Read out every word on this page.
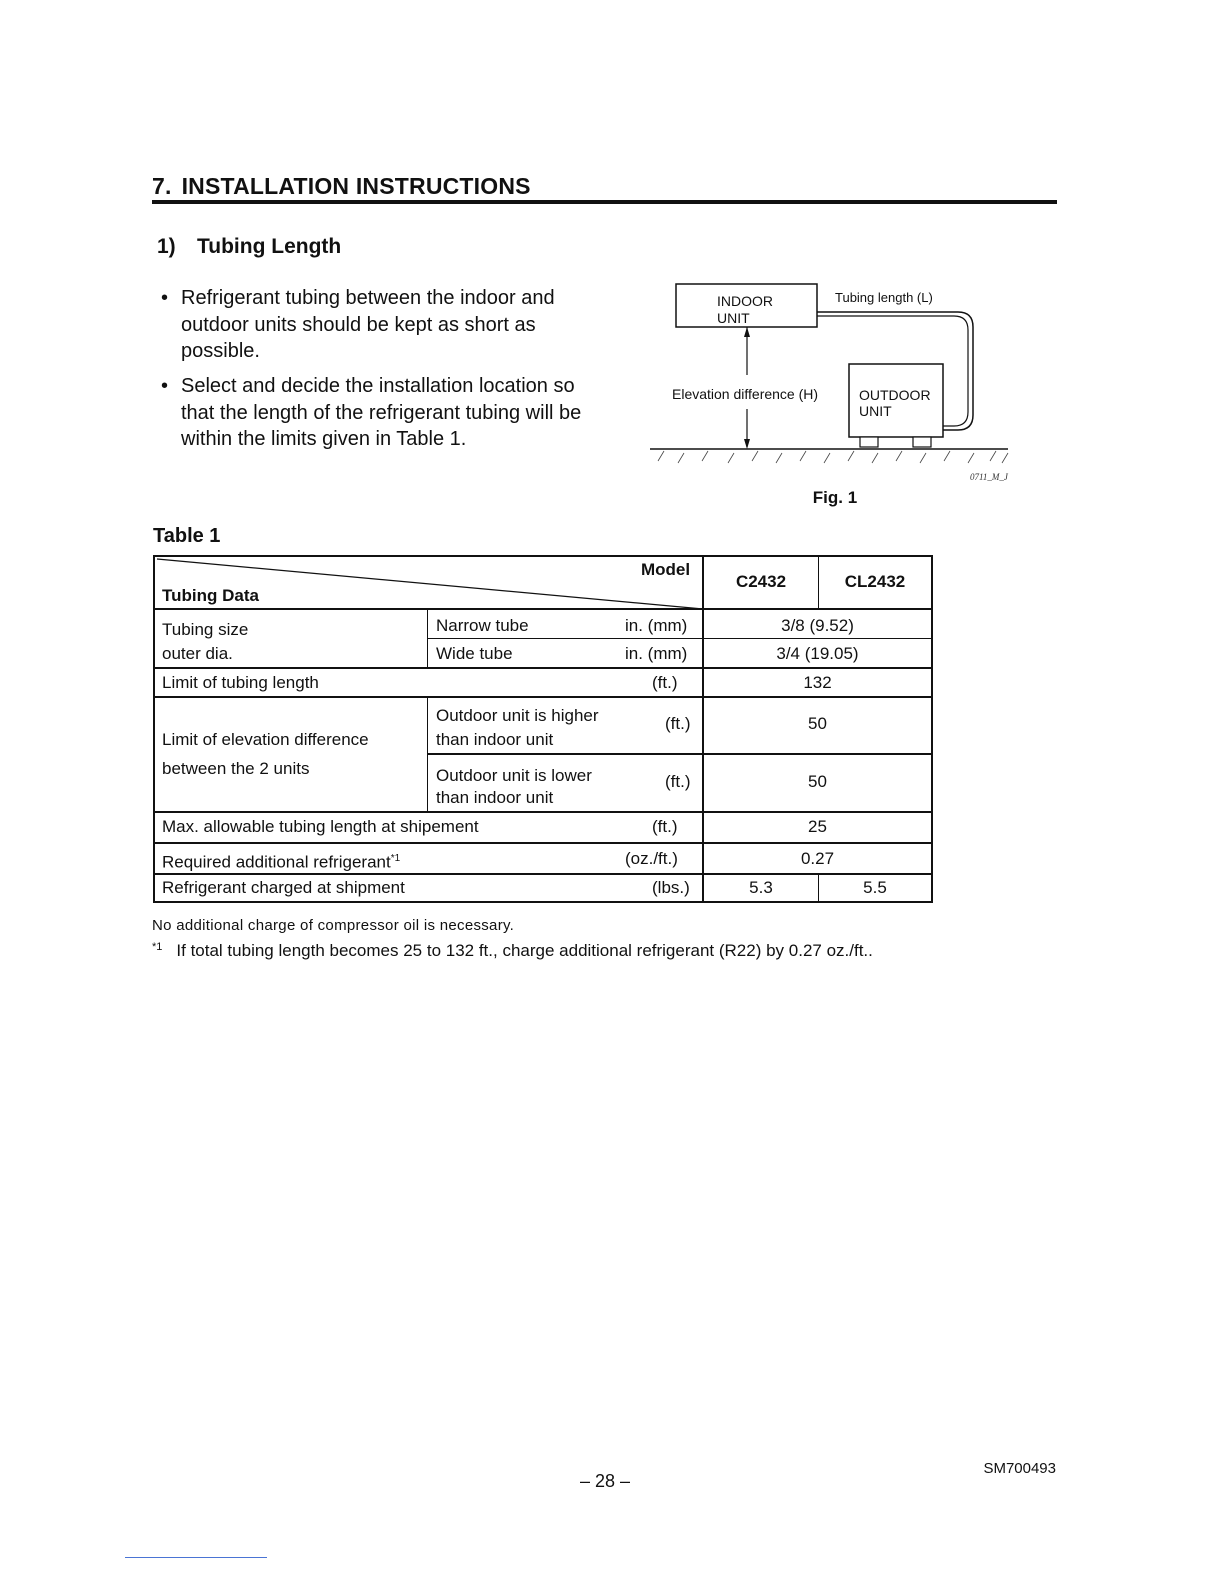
7. INSTALLATION INSTRUCTIONS
1) Tubing Length
• Refrigerant tubing between the indoor and outdoor units should be kept as short as possible.
• Select and decide the installation location so that the length of the refrigerant tubing will be within the limits given in Table 1.
INDOOR
UNIT
Tubing length (L)
OUTDOOR
UNIT
Elevation difference (H)
0711_M_J
Fig. 1
Table 1
Model
Tubing Data
C2432	CL2432
Tubing size
outer dia.
Narrow tube	in. (mm)	3/8 (9.52)
Wide tube	in. (mm)	3/4 (19.05)
Limit of tubing length	(ft.)	132
Limit of elevation difference
between the 2 units
Outdoor unit is higher
than indoor unit
(ft.)	50
Outdoor unit is lower
than indoor unit
(ft.)	50
Max. allowable tubing length at shipement	(ft.)	25
Required additional refrigerant$^{*1}$	(oz./ft.)	0.27
Refrigerant charged at shipment	(lbs.)	5.3	5.5
No additional charge of compressor oil is necessary.
$^{*1}$ If total tubing length becomes 25 to 132 ft., charge additional refrigerant (R22) by 0.27 oz./ft..
– 28 –
SM700493
